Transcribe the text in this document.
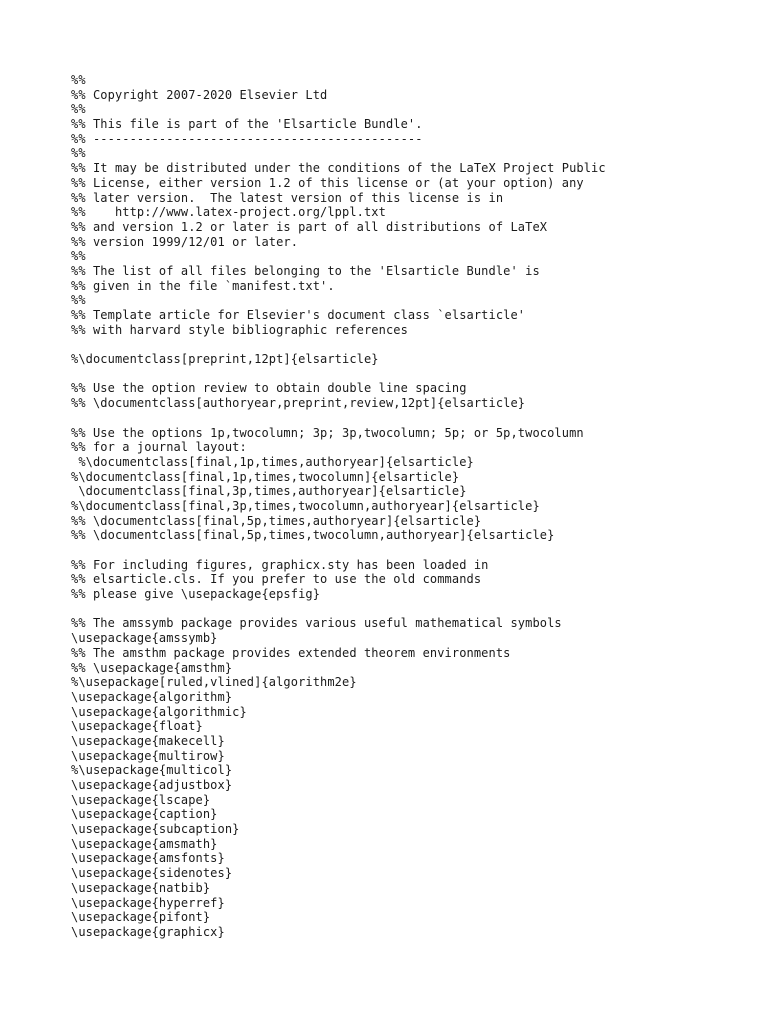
%%
%% Copyright 2007-2020 Elsevier Ltd
%%
%% This file is part of the 'Elsarticle Bundle'.
%% ---------------------------------------------
%%
%% It may be distributed under the conditions of the LaTeX Project Public
%% License, either version 1.2 of this license or (at your option) any
%% later version.  The latest version of this license is in
%%    http://www.latex-project.org/lppl.txt
%% and version 1.2 or later is part of all distributions of LaTeX
%% version 1999/12/01 or later.
%%
%% The list of all files belonging to the 'Elsarticle Bundle' is
%% given in the file `manifest.txt'.
%%
%% Template article for Elsevier's document class `elsarticle'
%% with harvard style bibliographic references
%\documentclass[preprint,12pt]{elsarticle}
%% Use the option review to obtain double line spacing
%% \documentclass[authoryear,preprint,review,12pt]{elsarticle}
%% Use the options 1p,twocolumn; 3p; 3p,twocolumn; 5p; or 5p,twocolumn
%% for a journal layout:
%\documentclass[final,1p,times,authoryear]{elsarticle}
%\documentclass[final,1p,times,twocolumn]{elsarticle}
\documentclass[final,3p,times,authoryear]{elsarticle}
%\documentclass[final,3p,times,twocolumn,authoryear]{elsarticle}
%% \documentclass[final,5p,times,authoryear]{elsarticle}
%% \documentclass[final,5p,times,twocolumn,authoryear]{elsarticle}
%% For including figures, graphicx.sty has been loaded in
%% elsarticle.cls. If you prefer to use the old commands
%% please give \usepackage{epsfig}
%% The amssymb package provides various useful mathematical symbols
\usepackage{amssymb}
%% The amsthm package provides extended theorem environments
%% \usepackage{amsthm}
%\usepackage[ruled,vlined]{algorithm2e}
\usepackage{algorithm}
\usepackage{algorithmic}
\usepackage{float}
\usepackage{makecell}
\usepackage{multirow}
%\usepackage{multicol}
\usepackage{adjustbox}
\usepackage{lscape}
\usepackage{caption}
\usepackage{subcaption}
\usepackage{amsmath}
\usepackage{amsfonts}
\usepackage{sidenotes}
\usepackage{natbib}
\usepackage{hyperref}
\usepackage{pifont}
\usepackage{graphicx}
